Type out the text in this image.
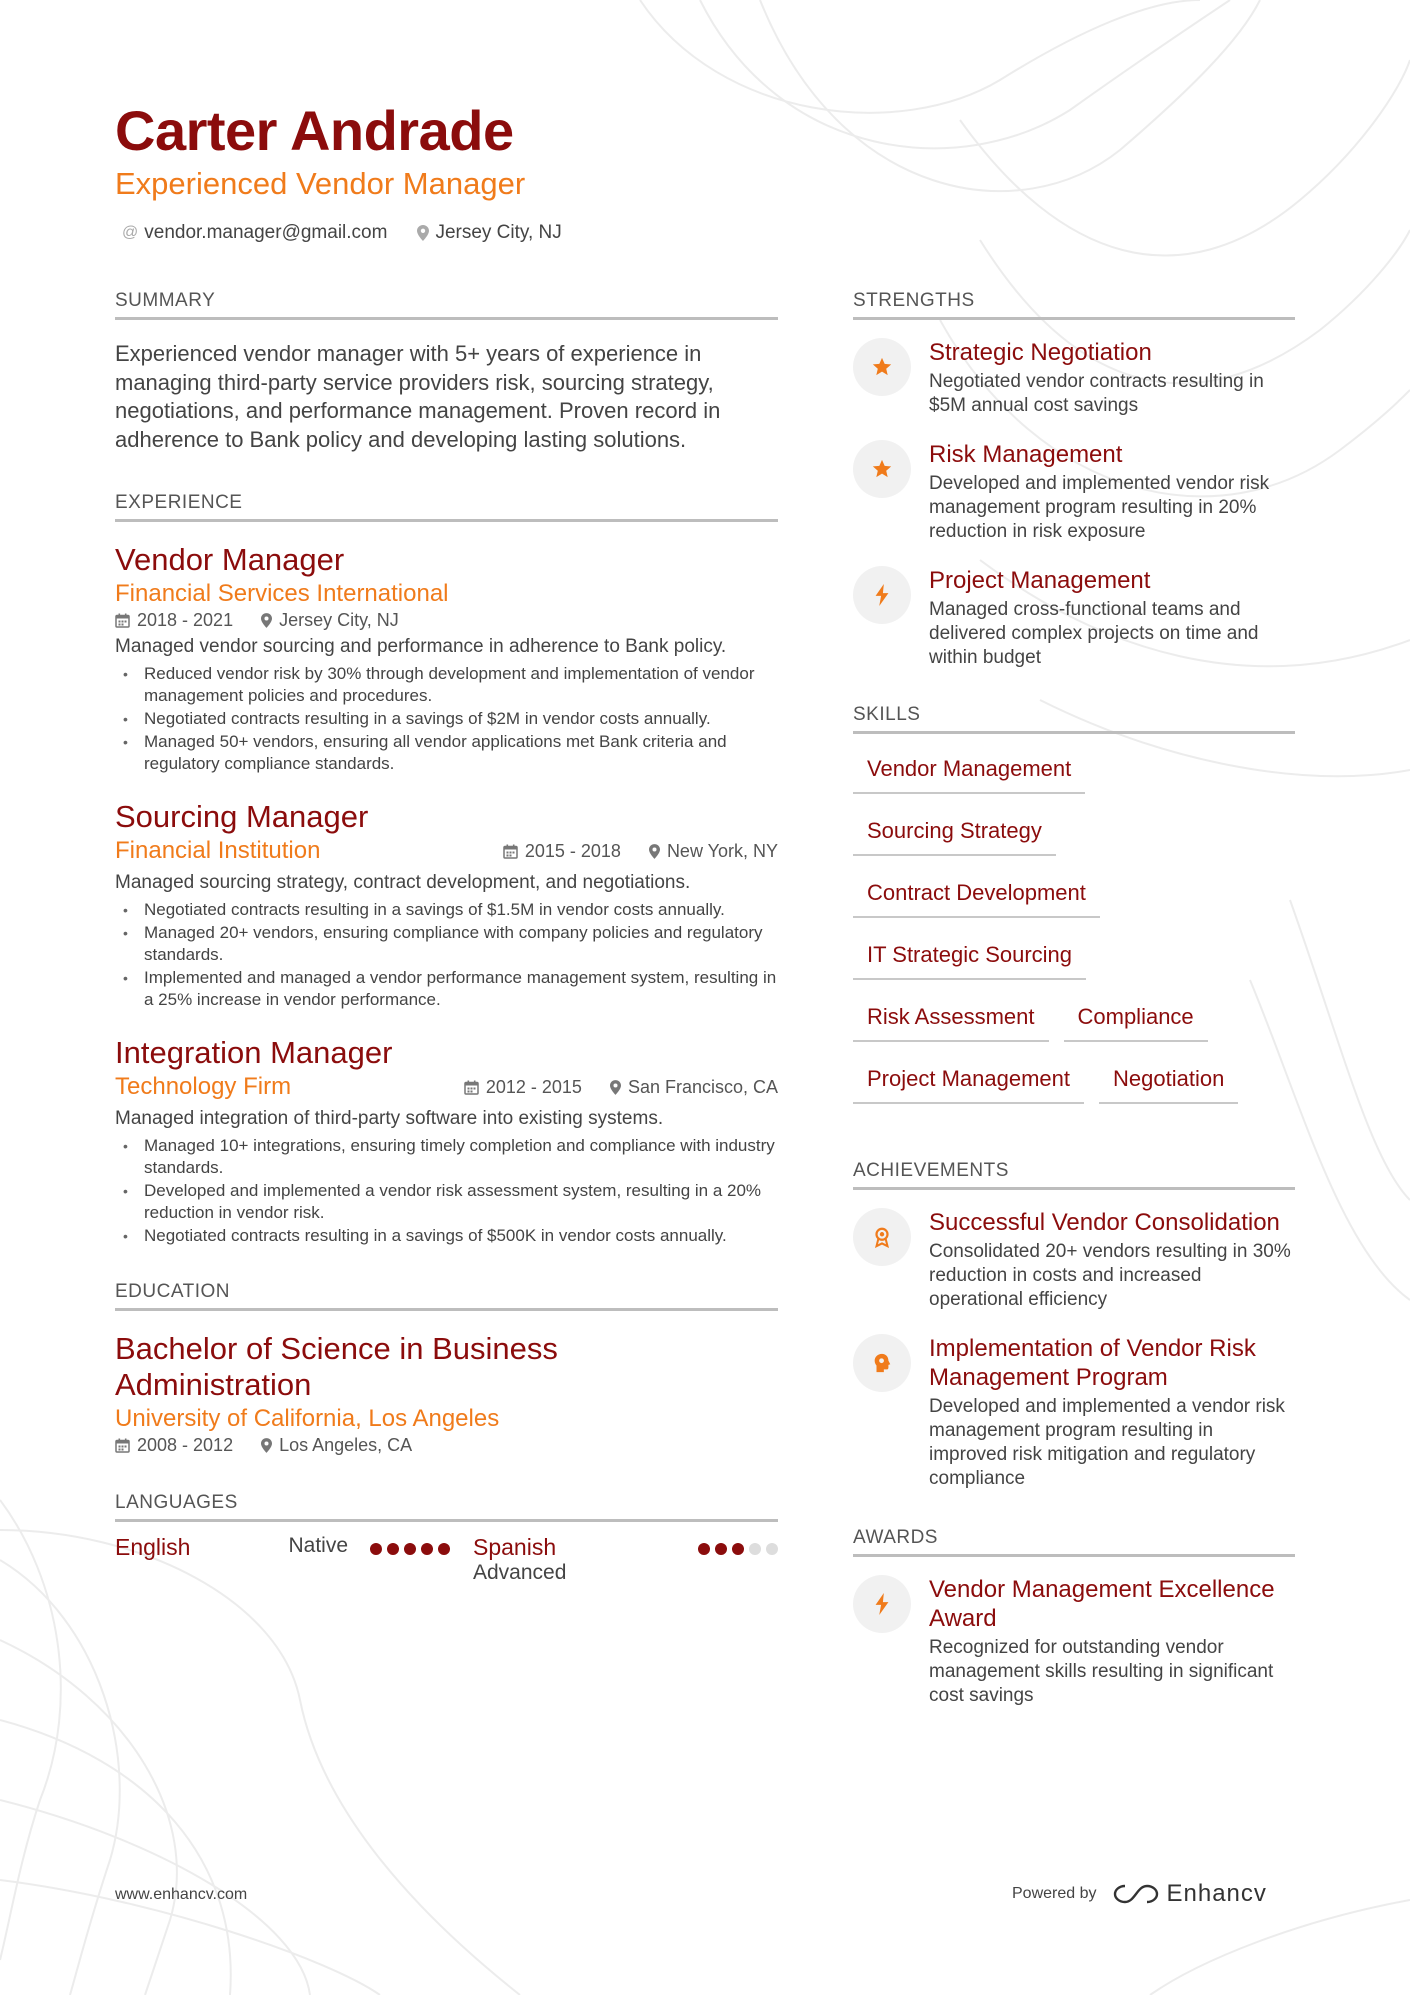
Carter Andrade
Experienced Vendor Manager
@ vendor.manager@gmail.com	Jersey City, NJ
SUMMARY
Experienced vendor manager with 5+ years of experience in managing third-party service providers risk, sourcing strategy, negotiations, and performance management. Proven record in adherence to Bank policy and developing lasting solutions.
EXPERIENCE
Vendor Manager
Financial Services International
2018 - 2021	Jersey City, NJ
Managed vendor sourcing and performance in adherence to Bank policy.
• Reduced vendor risk by 30% through development and implementation of vendor management policies and procedures.
• Negotiated contracts resulting in a savings of $2M in vendor costs annually.
• Managed 50+ vendors, ensuring all vendor applications met Bank criteria and regulatory compliance standards.
Sourcing Manager
Financial Institution	2015 - 2018	New York, NY
Managed sourcing strategy, contract development, and negotiations.
• Negotiated contracts resulting in a savings of $1.5M in vendor costs annually.
• Managed 20+ vendors, ensuring compliance with company policies and regulatory standards.
• Implemented and managed a vendor performance management system, resulting in a 25% increase in vendor performance.
Integration Manager
Technology Firm	2012 - 2015	San Francisco, CA
Managed integration of third-party software into existing systems.
• Managed 10+ integrations, ensuring timely completion and compliance with industry standards.
• Developed and implemented a vendor risk assessment system, resulting in a 20% reduction in vendor risk.
• Negotiated contracts resulting in a savings of $500K in vendor costs annually.
EDUCATION
Bachelor of Science in Business Administration
University of California, Los Angeles
2008 - 2012	Los Angeles, CA
LANGUAGES
English	Native	Spanish
Advanced
STRENGTHS
Strategic Negotiation
Negotiated vendor contracts resulting in $5M annual cost savings
Risk Management
Developed and implemented vendor risk management program resulting in 20% reduction in risk exposure
Project Management
Managed cross-functional teams and delivered complex projects on time and within budget
SKILLS
Vendor Management
Sourcing Strategy
Contract Development
IT Strategic Sourcing
Risk Assessment	Compliance
Project Management	Negotiation
ACHIEVEMENTS
Successful Vendor Consolidation
Consolidated 20+ vendors resulting in 30% reduction in costs and increased operational efficiency
Implementation of Vendor Risk Management Program
Developed and implemented a vendor risk management program resulting in improved risk mitigation and regulatory compliance
AWARDS
Vendor Management Excellence Award
Recognized for outstanding vendor management skills resulting in significant cost savings
www.enhancv.com	Powered by	Enhancv
